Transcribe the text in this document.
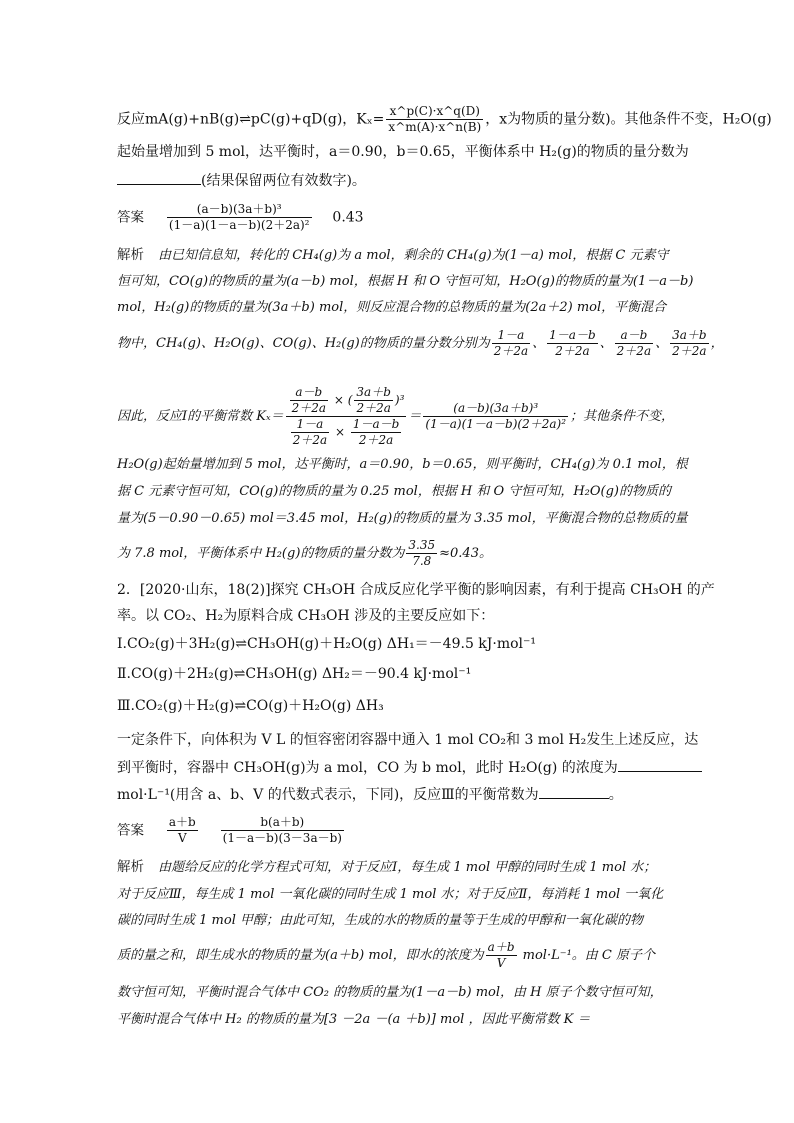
反应mA(g)+nB(g)⇌pC(g)+qD(g)，$K_x= \frac{x\^{}p(C)\cdot x\^{}q(D)}{x\^{}m(A)\cdot x\^{}n(B)}$ ，x为物质的量分数)。其他条件不变，H₂O(g)
起始量增加到 5 mol，达平衡时，a＝0.90，b＝0.65，平衡体系中 H₂(g)的物质的量分数为
(结果保留两位有效数字)。
答案 $\frac{\text{(a－b)(3a＋b)³}}{\text{(1－a)(1－a－b)(2＋2a)²}} 0.43$
解析 由已知信息知，转化的 CH₄(g)为 a mol，剩余的 CH₄(g)为(1－a) mol，根据 C 元素守
恒可知，CO(g)的物质的量为(a－b) mol，根据 H 和 O 守恒可知，H₂O(g)的物质的量为(1－a－b)
mol，H₂(g)的物质的量为(3a＋b) mol，则反应混合物的总物质的量为(2a＋2) mol，平衡混合
物中，CH₄(g)、H₂O(g)、CO(g)、H₂(g)的物质的量分数分别为 $\frac{1-a}{2+2a}$ 、 $\frac{1-a-b}{2+2a}$ 、 $\frac{a-b}{2+2a}$ 、 $\frac{3a+b}{2+2a}$ ，
因此，反应Ⅰ的平衡常数 $K_x= \frac{\frac{a-b}{2+2a} \times ( \frac{3a+b}{2+2a} )^3}{\frac{1-a}{2+2a} \times \frac{1-a-b}{2+2a}} = \frac{\text{(a－b)(3a＋b)³}}{\text{(1－a)(1－a－b)(2＋2a)²}}$ ；其他条件不变，
H₂O(g)起始量增加到 5 mol，达平衡时，a＝0.90，b＝0.65，则平衡时，CH₄(g)为 0.1 mol，根
据 C 元素守恒可知，CO(g)的物质的量为 0.25 mol，根据 H 和 O 守恒可知，H₂O(g)的物质的
量为(5－0.90－0.65) mol＝3.45 mol，H₂(g)的物质的量为 3.35 mol，平衡混合物的总物质的量
为 7.8 mol，平衡体系中 H₂(g)的物质的量分数为 $\frac{3.35}{7.8} \approx 0.43$。
2．[2020·山东，18(2)]探究 CH₃OH 合成反应化学平衡的影响因素，有利于提高 CH₃OH 的产
率。以 CO₂、H₂为原料合成 CH₃OH 涉及的主要反应如下：
Ⅰ.CO₂(g)＋3H₂(g)⇌CH₃OH(g)＋H₂O(g) ΔH₁＝－49.5 kJ·mol⁻¹
Ⅱ.CO(g)＋2H₂(g)⇌CH₃OH(g) ΔH₂＝－90.4 kJ·mol⁻¹
Ⅲ.CO₂(g)＋H₂(g)⇌CO(g)＋H₂O(g) ΔH₃
一定条件下，向体积为 V L 的恒容密闭容器中通入 1 mol CO₂和 3 mol H₂发生上述反应，达
到平衡时，容器中 CH₃OH(g)为 a mol，CO 为 b mol，此时 H₂O(g) 的浓度为
mol·L⁻¹(用含 a、b、V 的代数式表示，下同)，反应Ⅲ的平衡常数为	。
答案 $\frac{a+b}{V}$
$\frac{b(a+b)}{(1-a-b)(3-3a-b)}$
解析 由题给反应的化学方程式可知，对于反应Ⅰ，每生成 1 mol 甲醇的同时生成 1 mol 水；
对于反应Ⅲ，每生成 1 mol 一氧化碳的同时生成 1 mol 水；对于反应Ⅱ，每消耗 1 mol 一氧化
碳的同时生成 1 mol 甲醇；由此可知，生成的水的物质的量等于生成的甲醇和一氧化碳的物
质的量之和，即生成水的物质的量为(a＋b) mol，即水的浓度为 $\frac{a+b}{V} mol\cdot L^{-1}$。由 C 原子个
数守恒可知，平衡时混合气体中 CO₂ 的物质的量为(1－a－b) mol，由 H 原子个数守恒可知，
平衡时混合气体中 H₂ 的物质的量为[3 －2a －(a ＋b)] mol ，因此平衡常数 K ＝
